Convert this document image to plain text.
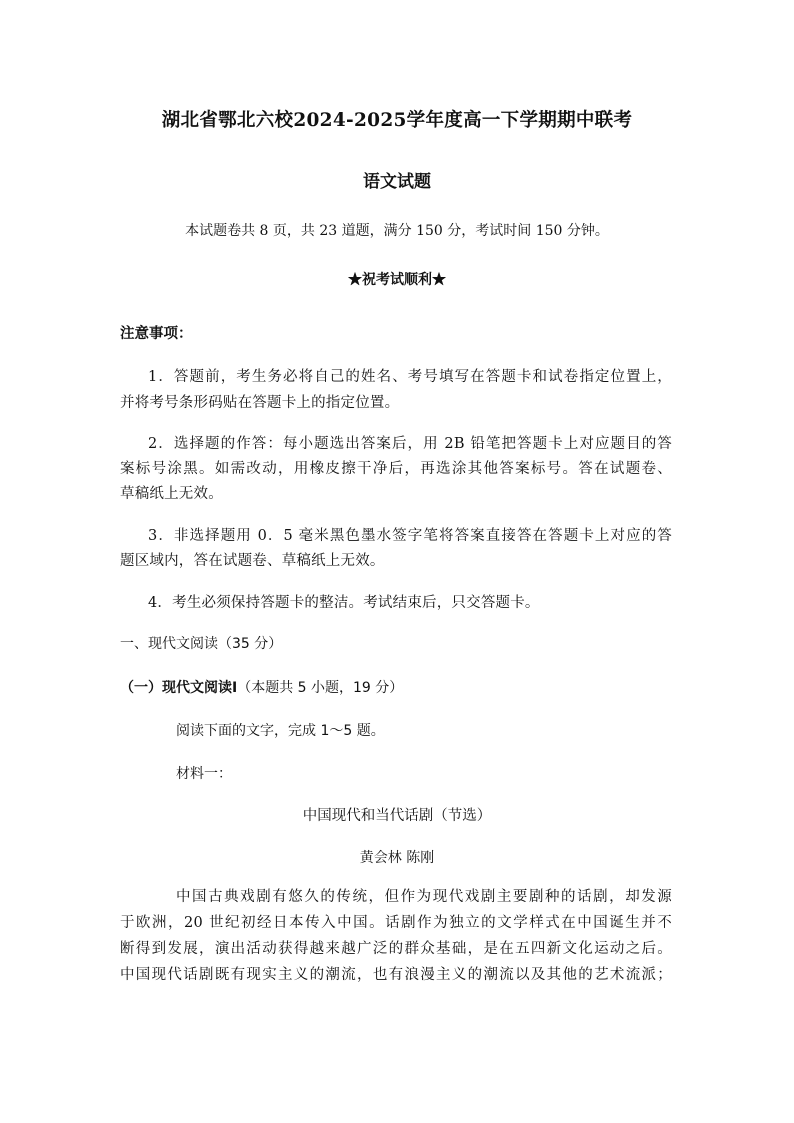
湖北省鄂北六校2024-2025学年度高一下学期期中联考
语文试题
本试题卷共 8 页，共 23 道题，满分 150 分，考试时间 150 分钟。
★祝考试顺利★
注意事项：
1．答题前，考生务必将自己的姓名、考号填写在答题卡和试卷指定位置上，
并将考号条形码贴在答题卡上的指定位置。
2．选择题的作答：每小题选出答案后，用 2B 铅笔把答题卡上对应题目的答
案标号涂黑。如需改动，用橡皮擦干净后，再选涂其他答案标号。答在试题卷、
草稿纸上无效。
3．非选择题用 0．5 毫米黑色墨水签字笔将答案直接答在答题卡上对应的答
题区域内，答在试题卷、草稿纸上无效。
4．考生必须保持答题卡的整洁。考试结束后，只交答题卡。
一、现代文阅读（35 分）
（一）现代文阅读Ⅰ（本题共 5 小题，19 分）
阅读下面的文字，完成 1～5 题。
材料一：
中国现代和当代话剧（节选）
黄会林 陈刚
中国古典戏剧有悠久的传统，但作为现代戏剧主要剧种的话剧，却发源
于欧洲，20 世纪初经日本传入中国。话剧作为独立的文学样式在中国诞生并不
断得到发展，演出活动获得越来越广泛的群众基础，是在五四新文化运动之后。
中国现代话剧既有现实主义的潮流，也有浪漫主义的潮流以及其他的艺术流派；
